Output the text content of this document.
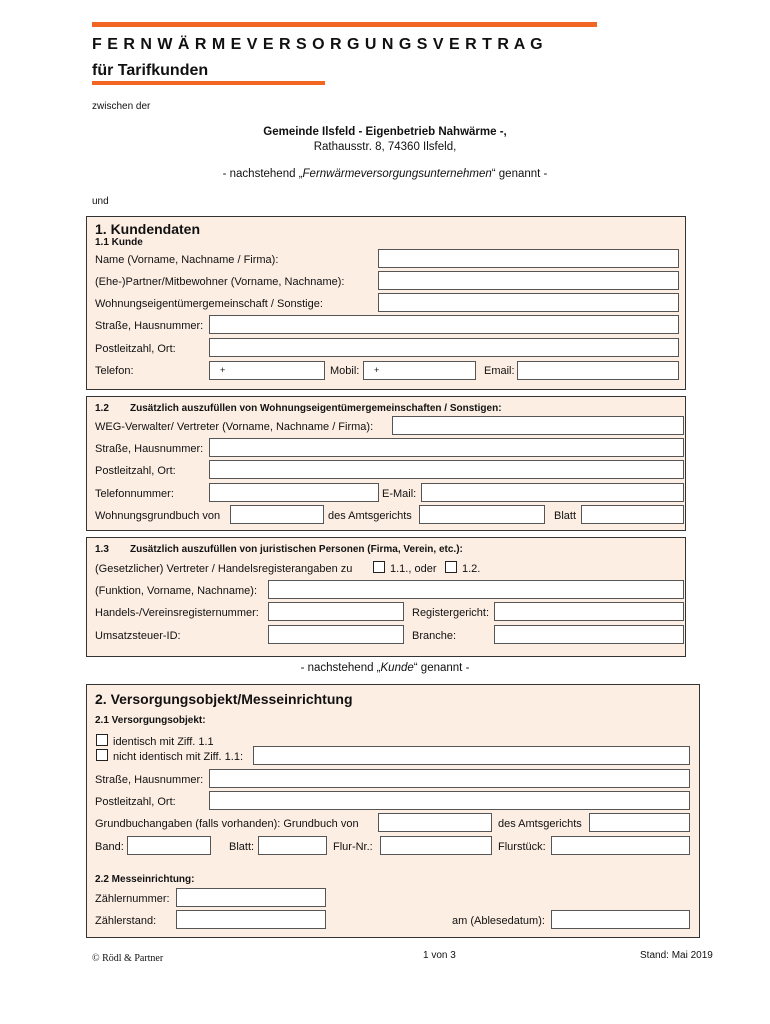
F E R N W Ä R M E V E R S O R G U N G S V E R T R A G
für Tarifkunden
zwischen der
Gemeinde Ilsfeld - Eigenbetrieb Nahwärme -,
Rathausstr. 8, 74360 Ilsfeld,
- nachstehend „Fernwärmeversorgungsunternehmen“ genannt -
und
1. Kundendaten
1.1 Kunde
Name (Vorname, Nachname / Firma):
(Ehe-)Partner/Mitbewohner (Vorname, Nachname):
Wohnungseigentümergemeinschaft / Sonstige:
Straße, Hausnummer:
Postleitzahl, Ort:
Telefon:	+	Mobil:	+	Email:
1.2 Zusätzlich auszufüllen von Wohnungseigentümergemeinschaften / Sonstigen:
WEG-Verwalter/ Vertreter (Vorname, Nachname / Firma):
Straße, Hausnummer:
Postleitzahl, Ort:
Telefonnummer:	E-Mail:
Wohnungsgrundbuch von	des Amtsgerichts	Blatt
1.3 Zusätzlich auszufüllen von juristischen Personen (Firma, Verein, etc.):
(Gesetzlicher) Vertreter / Handelsregisterangaben zu	1.1., oder 1.2.
(Funktion, Vorname, Nachname):
Handels-/Vereinsregisternummer:	Registergericht:
Umsatzsteuer-ID:	Branche:
- nachstehend „Kunde“ genannt -
2. Versorgungsobjekt/Messeinrichtung
2.1 Versorgungsobjekt:
identisch mit Ziff. 1.1
nicht identisch mit Ziff. 1.1:
Straße, Hausnummer:
Postleitzahl, Ort:
Grundbuchangaben (falls vorhanden): Grundbuch von	des Amtsgerichts
Band:	Blatt:	Flur-Nr.:	Flurstück:
2.2 Messeinrichtung:
Zählernummer:
Zählerstand:	am (Ablesedatum):
© Rödl & Partner	1 von 3	Stand: Mai 2019
